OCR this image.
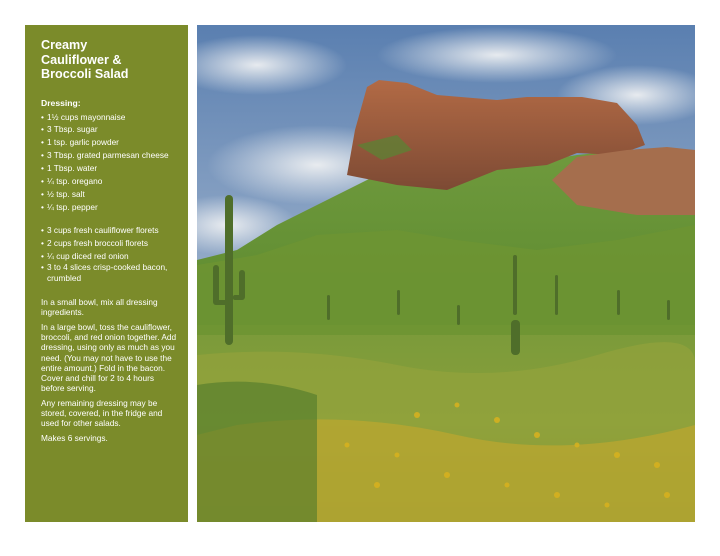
Creamy
Cauliflower &
Broccoli Salad
Dressing:
• 1½ cups mayonnaise
• 3 Tbsp. sugar
• 1 tsp. garlic powder
• 3 Tbsp. grated parmesan cheese
• 1 Tbsp. water
• ¼ tsp. oregano
• ½ tsp. salt
• ¼ tsp. pepper
• 3 cups fresh cauliflower florets
• 2 cups fresh broccoli florets
• ¼ cup diced red onion
• 3 to 4 slices crisp-cooked bacon, crumbled

In a small bowl, mix all dressing ingredients.

In a large bowl, toss the cauliflower, broccoli, and red onion together. Add dressing, using only as much as you need. (You may not have to use the entire amount.) Fold in the bacon. Cover and chill for 2 to 4 hours before serving.

Any remaining dressing may be stored, covered, in the fridge and used for other salads.

Makes 6 servings.
